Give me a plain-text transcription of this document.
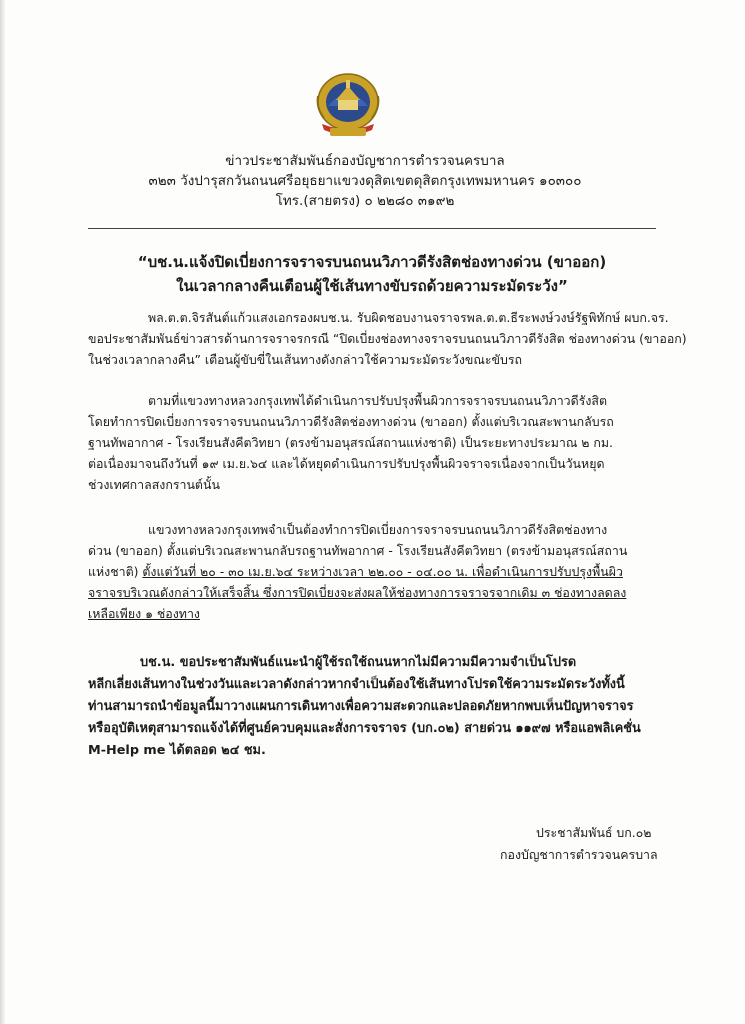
ข่าวประชาสัมพันธ์กองบัญชาการตำรวจนครบาล
๓๒๓ วังปารุสกวันถนนศรีอยุธยาแขวงดุสิตเขตดุสิตกรุงเทพมหานคร ๑๐๓๐๐
โทร.(สายตรง) ๐ ๒๒๘๐ ๓๑๙๒
“บช.น.แจ้งปิดเบี่ยงการจราจรบนถนนวิภาวดีรังสิตช่องทางด่วน (ขาออก)
ในเวลากลางคืนเตือนผู้ใช้เส้นทางขับรถด้วยความระมัดระวัง”
พล.ต.ต.จิรสันต์แก้วแสงเอกรองผบช.น. รับผิดชอบงานจราจรพล.ต.ต.ธีระพงษ์วงษ์รัฐพิทักษ์ ผบก.จร.
ขอประชาสัมพันธ์ข่าวสารด้านการจราจรกรณี “ปิดเบี่ยงช่องทางจราจรบนถนนวิภาวดีรังสิต ช่องทางด่วน (ขาออก)
ในช่วงเวลากลางคืน” เตือนผู้ขับขี่ในเส้นทางดังกล่าวใช้ความระมัดระวังขณะขับรถ
ตามที่แขวงทางหลวงกรุงเทพได้ดำเนินการปรับปรุงพื้นผิวการจราจรบนถนนวิภาวดีรังสิต
โดยทำการปิดเบี่ยงการจราจรบนถนนวิภาวดีรังสิตช่องทางด่วน (ขาออก) ตั้งแต่บริเวณสะพานกลับรถ
ฐานทัพอากาศ - โรงเรียนสังคีตวิทยา (ตรงข้ามอนุสรณ์สถานแห่งชาติ) เป็นระยะทางประมาณ ๒ กม.
ต่อเนื่องมาจนถึงวันที่ ๑๙ เม.ย.๖๔ และได้หยุดดำเนินการปรับปรุงพื้นผิวจราจรเนื่องจากเป็นวันหยุด
ช่วงเทศกาลสงกรานต์นั้น
แขวงทางหลวงกรุงเทพจำเป็นต้องทำการปิดเบี่ยงการจราจรบนถนนวิภาวดีรังสิตช่องทาง
ด่วน (ขาออก) ตั้งแต่บริเวณสะพานกลับรถฐานทัพอากาศ - โรงเรียนสังคีตวิทยา (ตรงข้ามอนุสรณ์สถาน
แห่งชาติ) ตั้งแต่วันที่ ๒๐ - ๓๐ เม.ย.๖๔ ระหว่างเวลา ๒๒.๐๐ - ๐๔.๐๐ น. เพื่อดำเนินการปรับปรุงพื้นผิว
จราจรบริเวณดังกล่าวให้เสร็จสิ้น ซึ่งการปิดเบี่ยงจะส่งผลให้ช่องทางการจราจรจากเดิม ๓ ช่องทางลดลง
เหลือเพียง ๑ ช่องทาง
บช.น. ขอประชาสัมพันธ์แนะนำผู้ใช้รถใช้ถนนหากไม่มีความมีความจำเป็นโปรด
หลีกเลี่ยงเส้นทางในช่วงวันและเวลาดังกล่าวหากจำเป็นต้องใช้เส้นทางโปรดใช้ความระมัดระวังทั้งนี้
ท่านสามารถนำข้อมูลนี้มาวางแผนการเดินทางเพื่อความสะดวกและปลอดภัยหากพบเห็นปัญหาจราจร
หรืออุบัติเหตุสามารถแจ้งได้ที่ศูนย์ควบคุมและสั่งการจราจร (บก.๐๒) สายด่วน ๑๑๙๗ หรือแอพลิเคชั่น
M-Help me ได้ตลอด ๒๔ ชม.
ประชาสัมพันธ์ บก.๐๒
กองบัญชาการตำรวจนครบาล
